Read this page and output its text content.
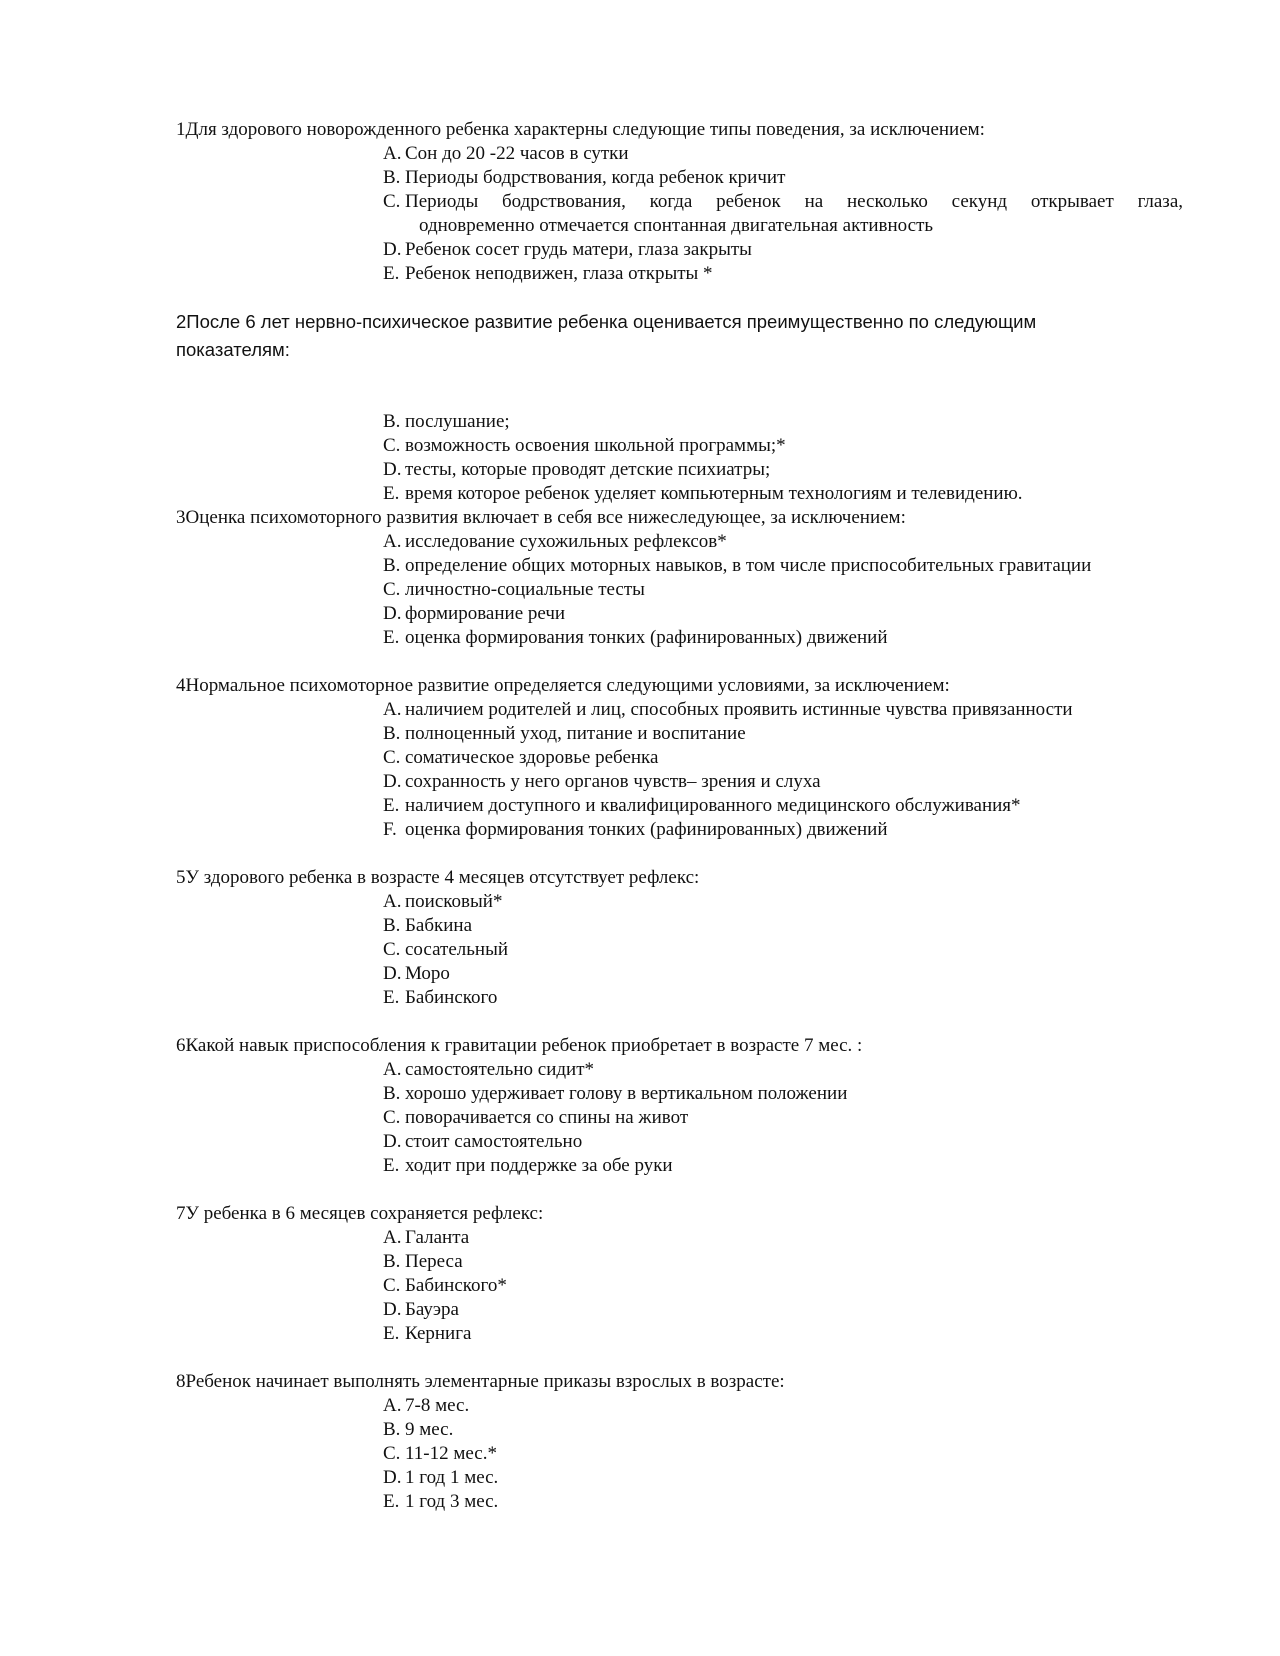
1Для здорового новорожденного ребенка характерны следующие типы поведения, за исключением:
A. Сон до 20 -22 часов в сутки
B. Периоды бодрствования, когда ребенок кричит
C. Периоды бодрствования, когда ребенок на несколько секунд открывает глаза,
одновременно отмечается спонтанная двигательная активность
D. Ребенок сосет грудь матери, глаза закрыты
E. Ребенок неподвижен, глаза открыты *
2После 6 лет нервно-психическое развитие ребенка оценивается преимущественно по следующим показателям:
B. послушание;
C. возможность освоения школьной программы;*
D. тесты, которые проводят детские психиатры;
E. время которое ребенок уделяет компьютерным технологиям и телевидению.
3Оценка психомоторного развития включает в себя все нижеследующее, за исключением:
A. исследование сухожильных рефлексов*
B. определение общих моторных навыков, в том числе приспособительных гравитации
C. личностно-социальные тесты
D. формирование речи
E. оценка формирования тонких (рафинированных) движений
4Нормальное психомоторное развитие определяется следующими условиями, за исключением:
A. наличием родителей и лиц, способных проявить истинные чувства привязанности
B. полноценный уход, питание и воспитание
C. соматическое здоровье ребенка
D. сохранность у него органов чувств– зрения и слуха
E. наличием доступного и квалифицированного медицинского обслуживания*
F. оценка формирования тонких (рафинированных) движений
5У здорового ребенка в возрасте 4 месяцев отсутствует рефлекс:
A. поисковый*
B. Бабкина
C. сосательный
D. Моро
E. Бабинского
6Какой навык приспособления к гравитации ребенок приобретает в возрасте 7 мес. :
A. самостоятельно сидит*
B. хорошо удерживает голову в вертикальном положении
C. поворачивается со спины на живот
D. стоит самостоятельно
E. ходит при поддержке за обе руки
7У ребенка в 6 месяцев сохраняется рефлекс:
A. Галанта
B. Переса
C. Бабинского*
D. Бауэра
E. Кернига
8Ребенок начинает выполнять элементарные приказы взрослых в возрасте:
A. 7-8 мес.
B. 9 мес.
C. 11-12 мес.*
D. 1 год 1 мес.
E. 1 год 3 мес.
